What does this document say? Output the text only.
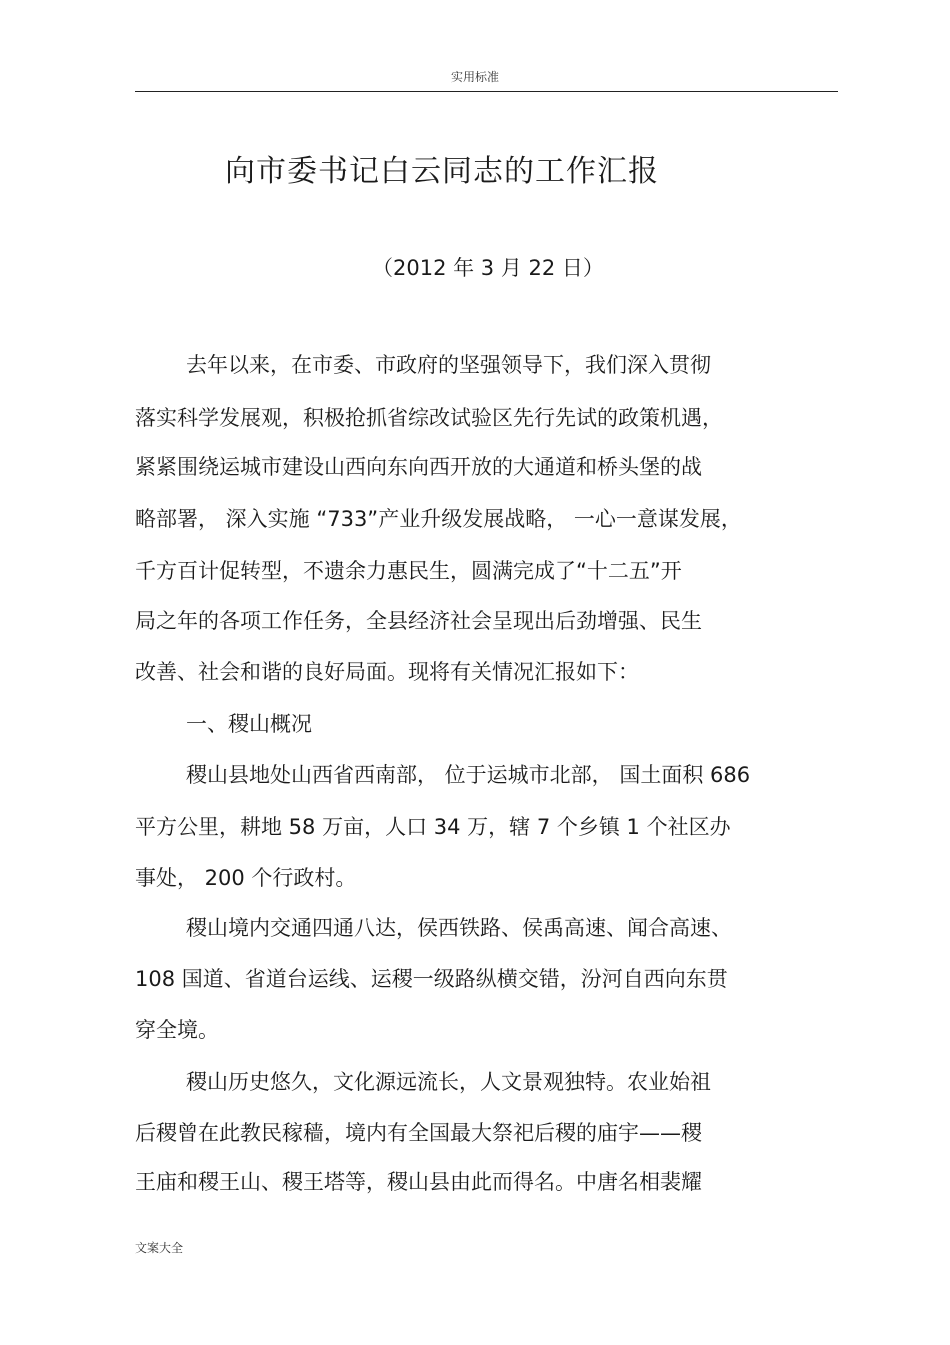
实用标准
向市委书记白云同志的工作汇报
（2012 年 3 月 22 日）
去年以来，在市委、市政府的坚强领导下，我们深入贯彻
落实科学发展观，积极抢抓省综改试验区先行先试的政策机遇，
紧紧围绕运城市建设山西向东向西开放的大通道和桥头堡的战
略部署， 深入实施 “733”产业升级发展战略， 一心一意谋发展，
千方百计促转型，不遗余力惠民生，圆满完成了“十二五”开
局之年的各项工作任务，全县经济社会呈现出后劲增强、民生
改善、社会和谐的良好局面。现将有关情况汇报如下：
一、稷山概况
稷山县地处山西省西南部， 位于运城市北部， 国土面积 686
平方公里，耕地 58 万亩，人口 34 万，辖 7 个乡镇 1 个社区办
事处， 200 个行政村。
稷山境内交通四通八达，侯西铁路、侯禹高速、闻合高速、
108 国道、省道台运线、运稷一级路纵横交错，汾河自西向东贯
穿全境。
稷山历史悠久，文化源远流长，人文景观独特。农业始祖
后稷曾在此教民稼穑，境内有全国最大祭祀后稷的庙宇——稷
王庙和稷王山、稷王塔等，稷山县由此而得名。中唐名相裴耀
文案大全
